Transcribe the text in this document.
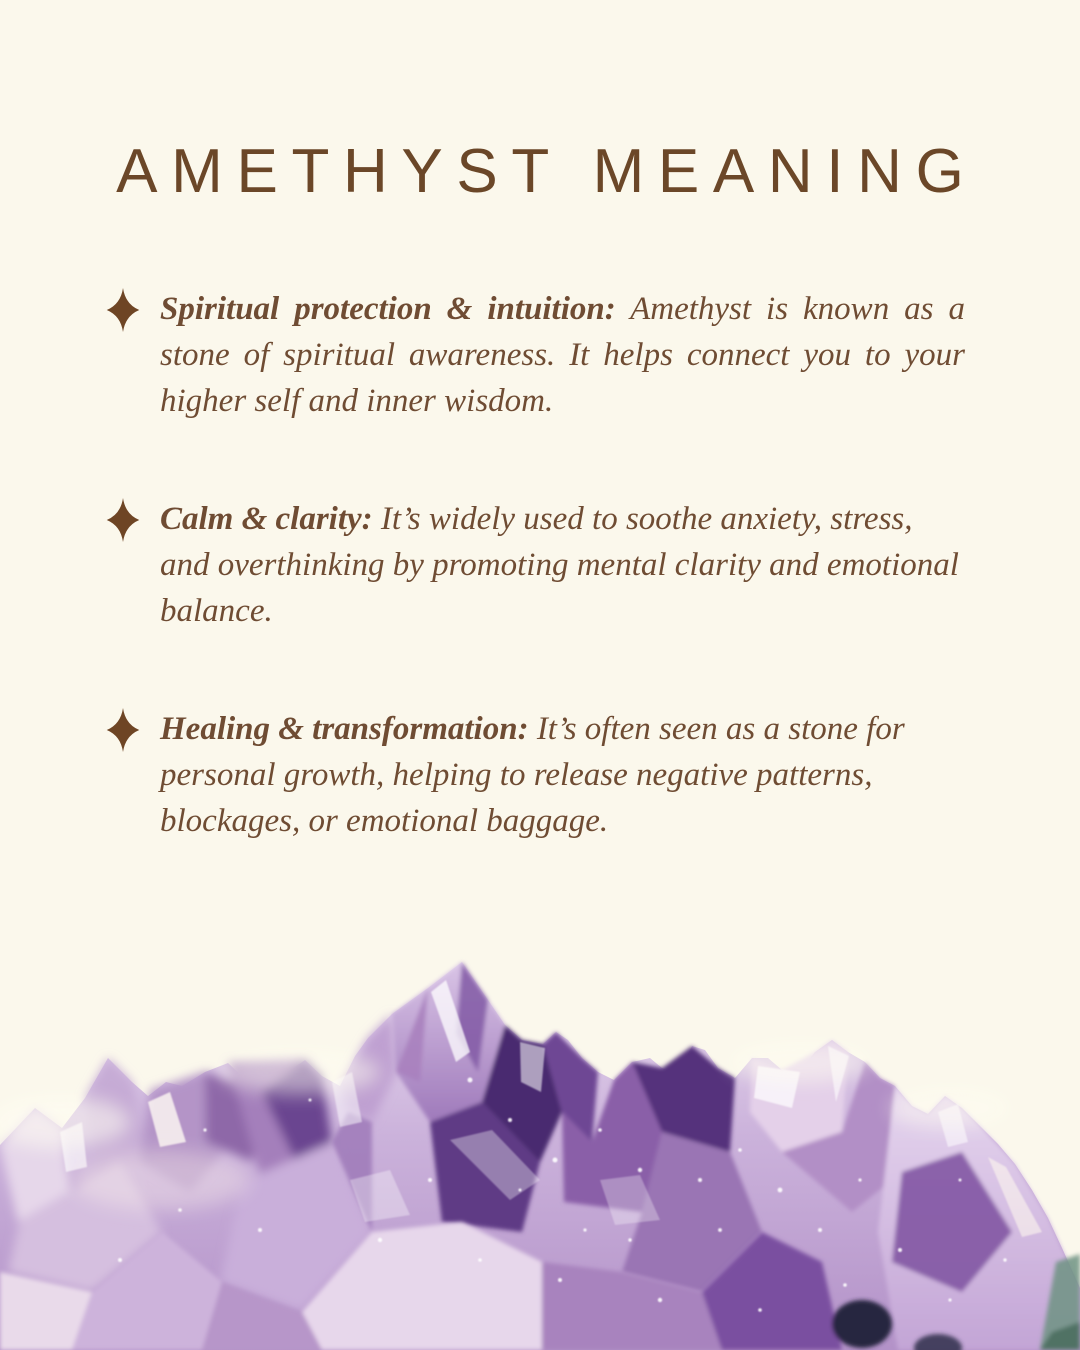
AMETHYST MEANING

Spiritual protection & intuition: Amethyst is known as a stone of spiritual awareness. It helps connect you to your higher self and inner wisdom.

Calm & clarity: It’s widely used to soothe anxiety, stress, and overthinking by promoting mental clarity and emotional balance.

Healing & transformation: It’s often seen as a stone for personal growth, helping to release negative patterns, blockages, or emotional baggage.
